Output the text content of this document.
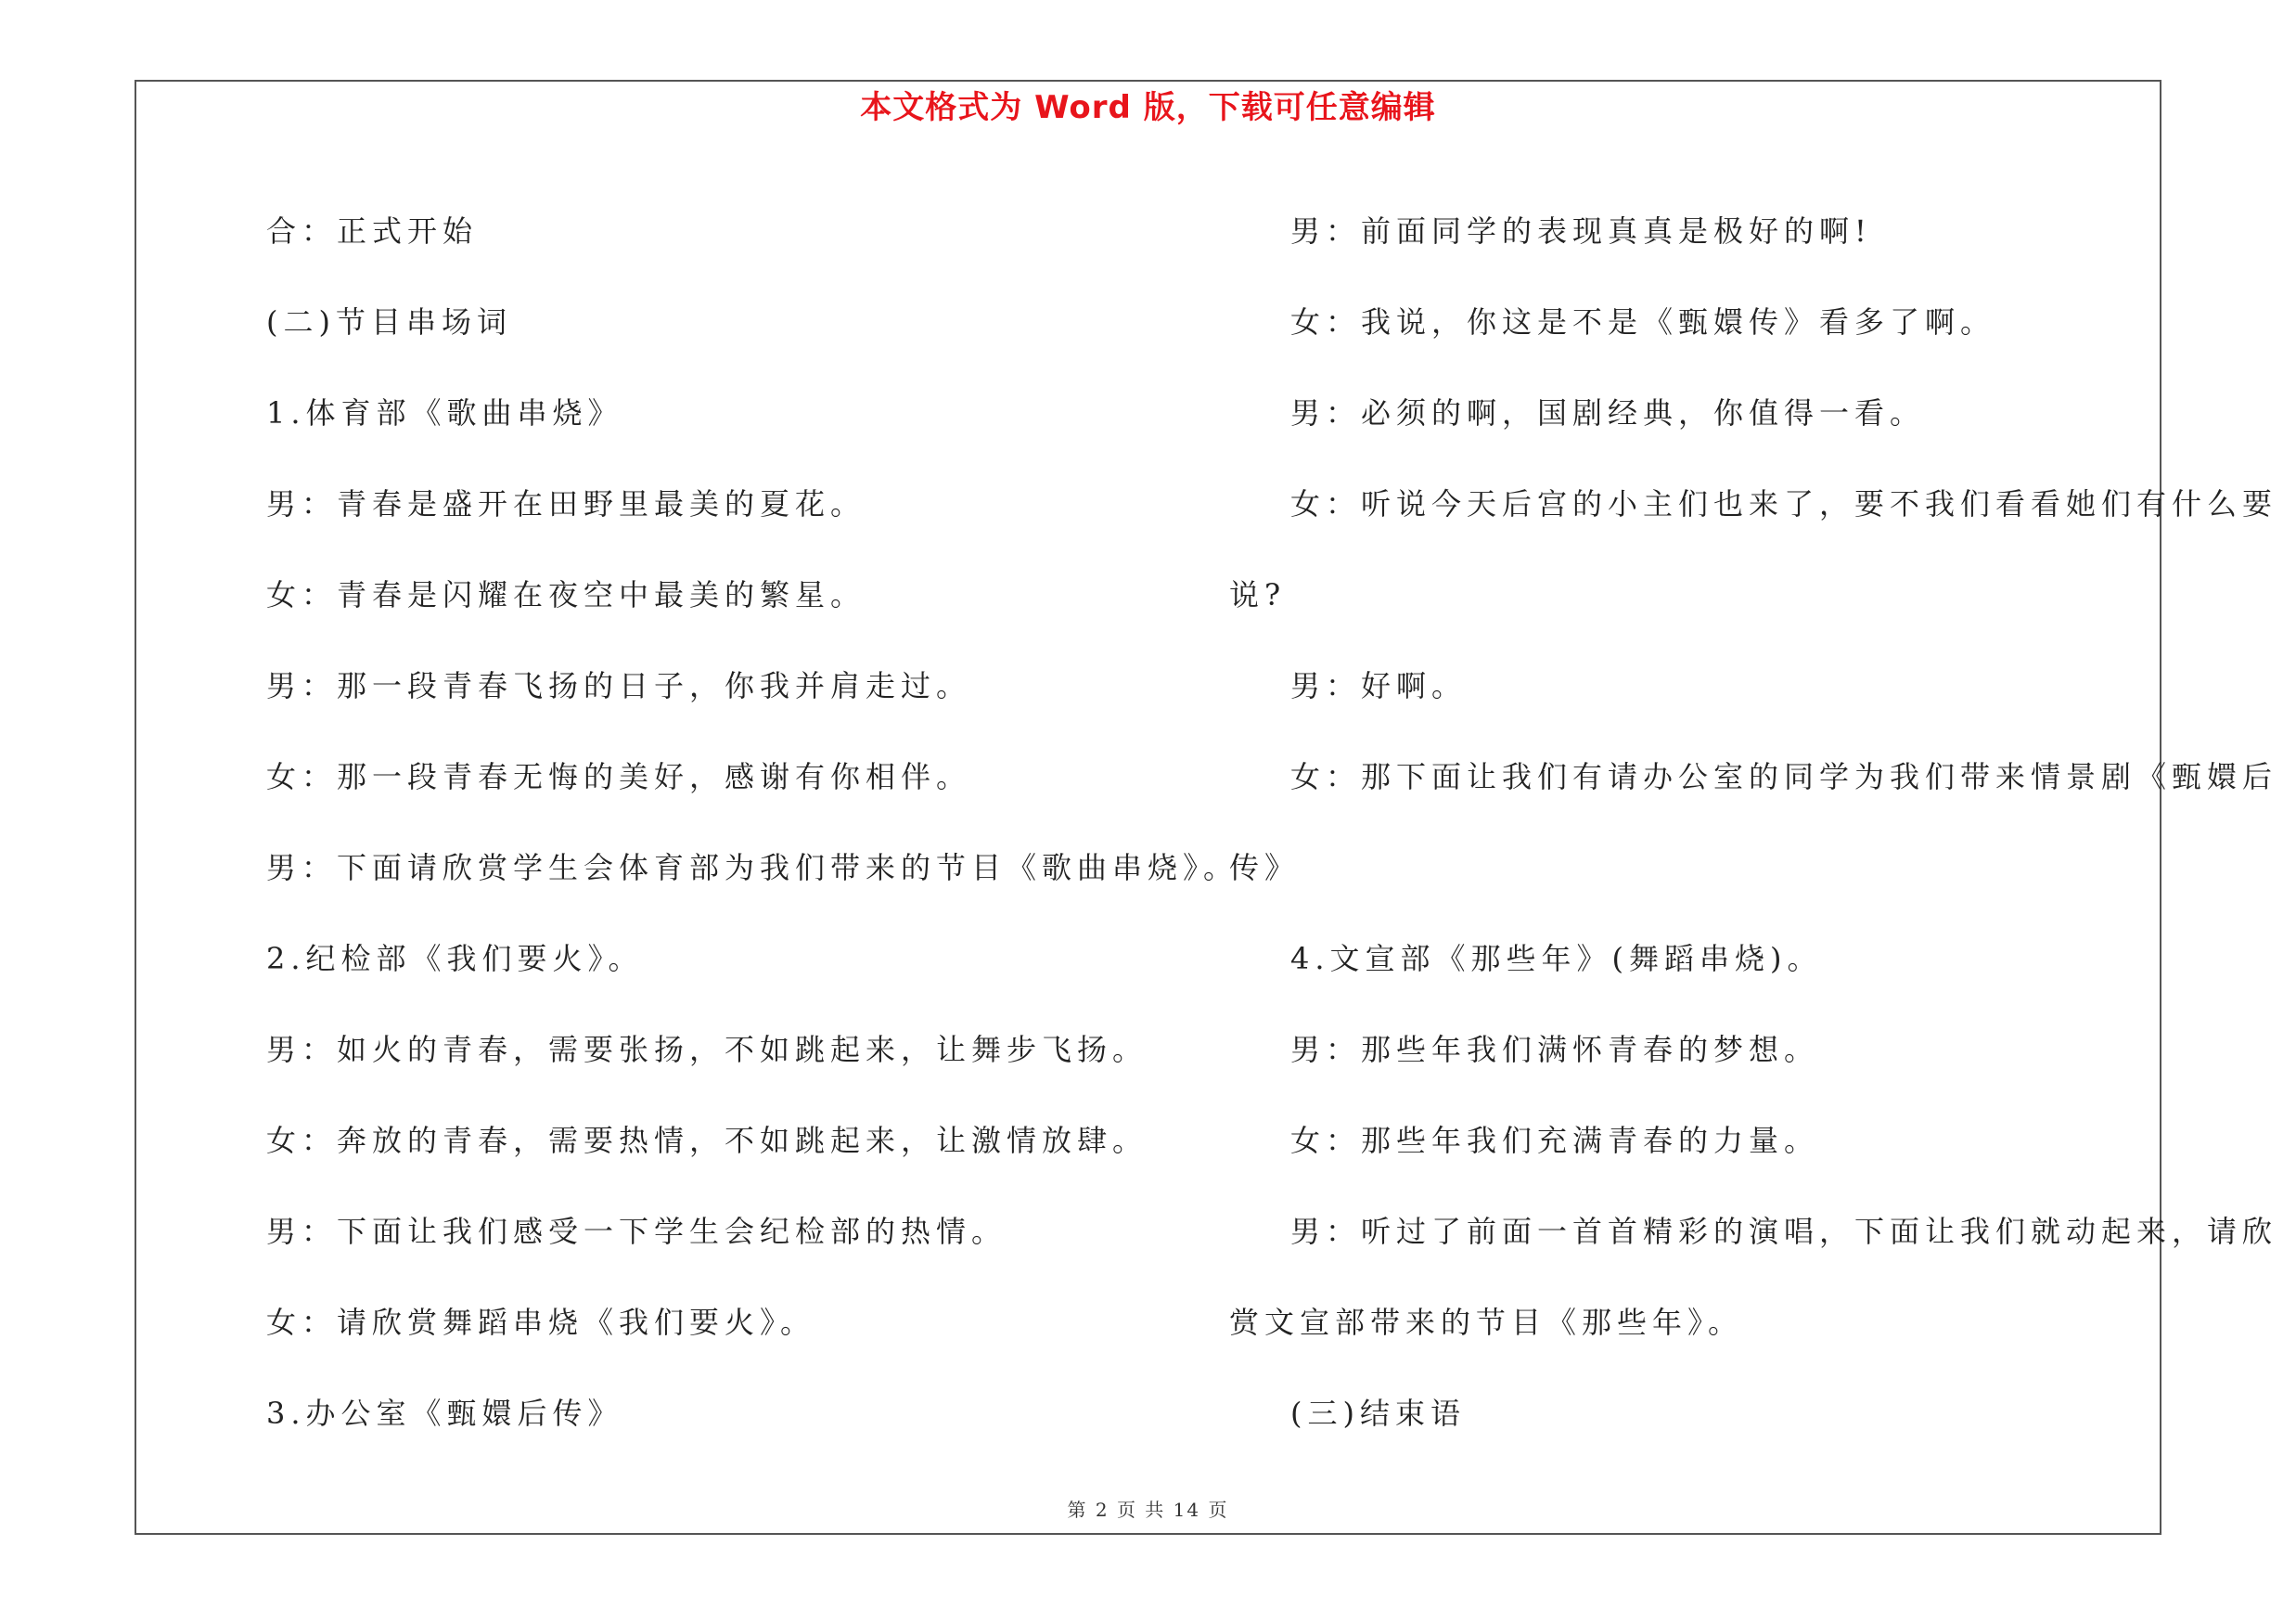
本文格式为 Word 版，下载可任意编辑
合：正式开始
(二)节目串场词
1.体育部《歌曲串烧》
男：青春是盛开在田野里最美的夏花。
女：青春是闪耀在夜空中最美的繁星。
男：那一段青春飞扬的日子，你我并肩走过。
女：那一段青春无悔的美好，感谢有你相伴。
男：下面请欣赏学生会体育部为我们带来的节目《歌曲串烧》。
2.纪检部《我们要火》。
男：如火的青春，需要张扬，不如跳起来，让舞步飞扬。
女：奔放的青春，需要热情，不如跳起来，让激情放肆。
男：下面让我们感受一下学生会纪检部的热情。
女：请欣赏舞蹈串烧《我们要火》。
3.办公室《甄嬛后传》
男：前面同学的表现真真是极好的啊!
女：我说，你这是不是《甄嬛传》看多了啊。
男：必须的啊，国剧经典，你值得一看。
女：听说今天后宫的小主们也来了，要不我们看看她们有什么要
说?
男：好啊。
女：那下面让我们有请办公室的同学为我们带来情景剧《甄嬛后
传》
4.文宣部《那些年》(舞蹈串烧)。
男：那些年我们满怀青春的梦想。
女：那些年我们充满青春的力量。
男：听过了前面一首首精彩的演唱，下面让我们就动起来，请欣
赏文宣部带来的节目《那些年》。
(三)结束语
第 2 页 共 14 页
